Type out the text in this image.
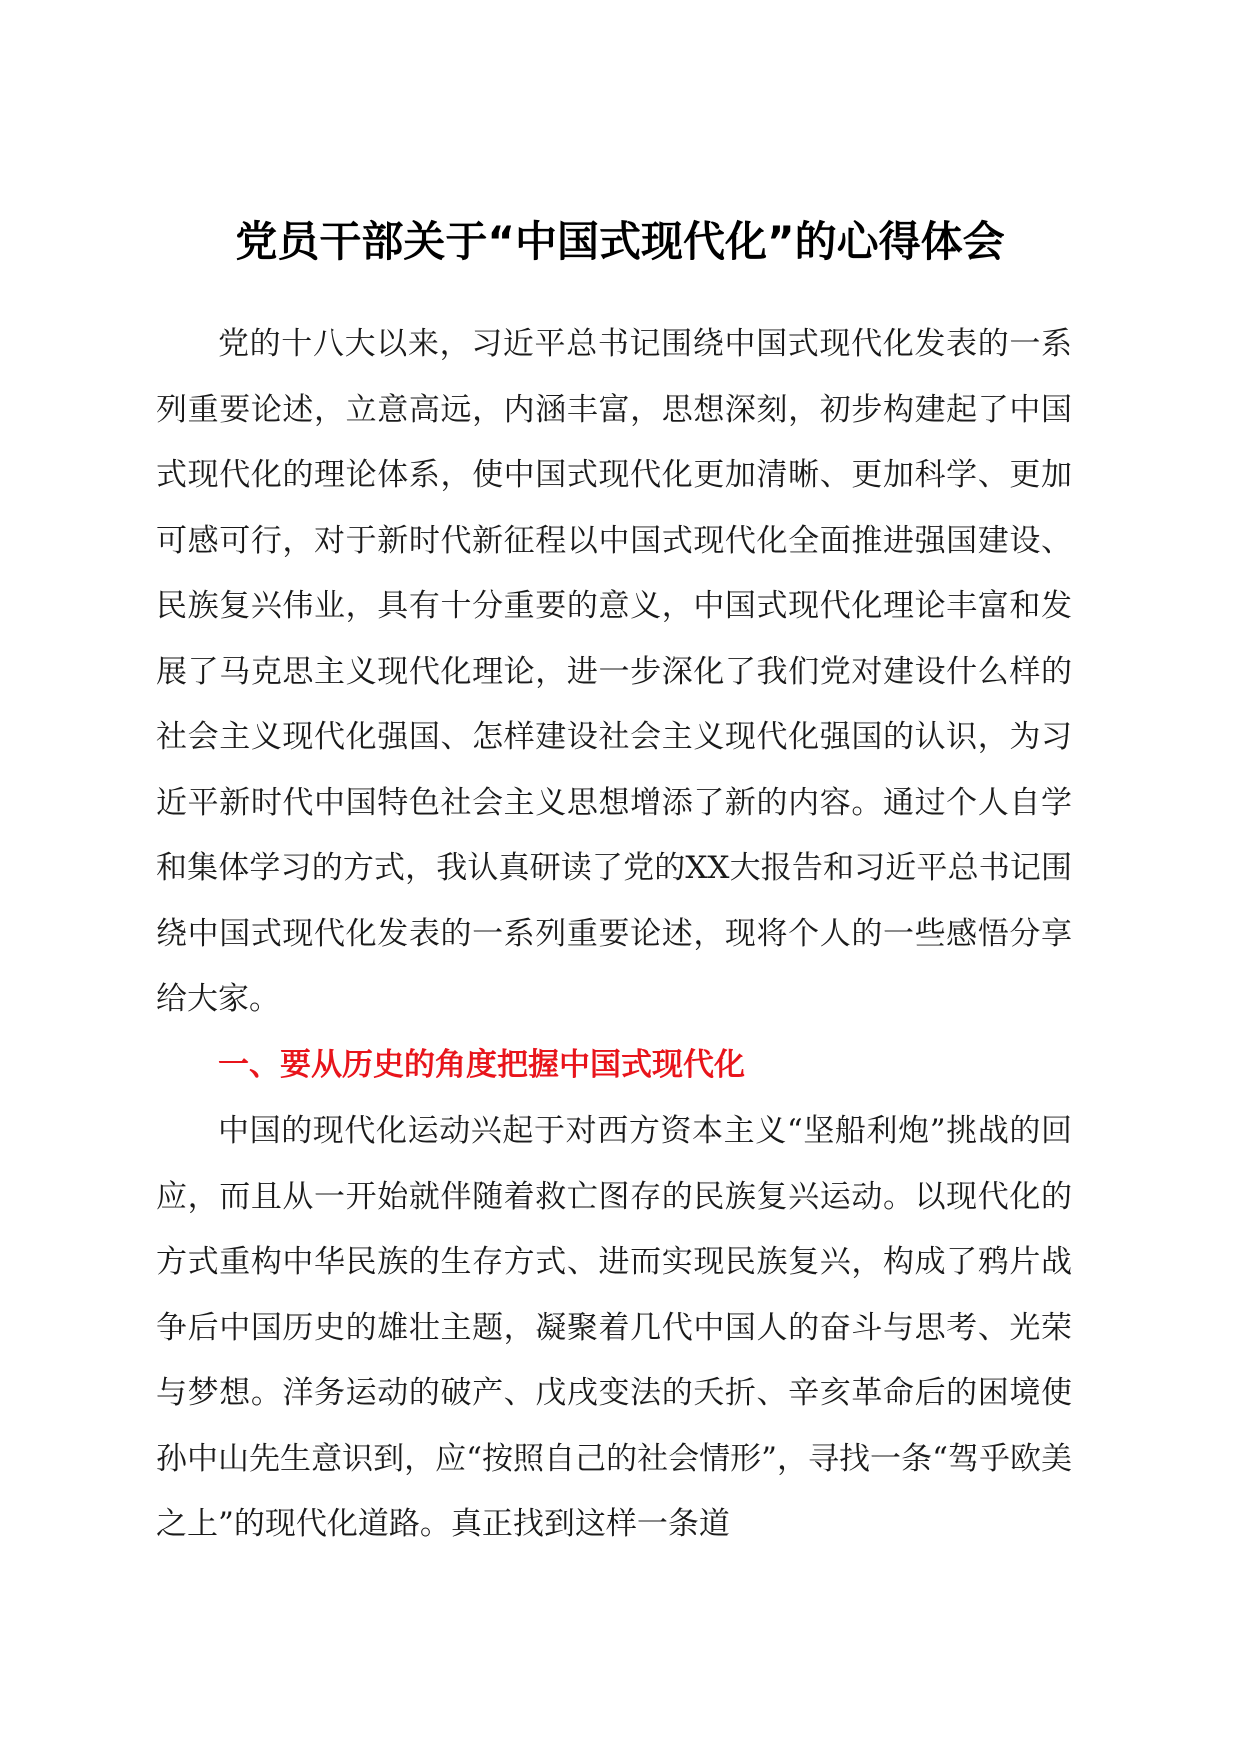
党员干部关于“中国式现代化”的心得体会

党的十八大以来，习近平总书记围绕中国式现代化发表的一系列重要论述，立意高远，内涵丰富，思想深刻，初步构建起了中国式现代化的理论体系，使中国式现代化更加清晰、更加科学、更加可感可行，对于新时代新征程以中国式现代化全面推进强国建设、民族复兴伟业，具有十分重要的意义，中国式现代化理论丰富和发展了马克思主义现代化理论，进一步深化了我们党对建设什么样的社会主义现代化强国、怎样建设社会主义现代化强国的认识，为习近平新时代中国特色社会主义思想增添了新的内容。通过个人自学和集体学习的方式，我认真研读了党的XX大报告和习近平总书记围绕中国式现代化发表的一系列重要论述，现将个人的一些感悟分享给大家。

一、要从历史的角度把握中国式现代化

中国的现代化运动兴起于对西方资本主义“坚船利炮”挑战的回应，而且从一开始就伴随着救亡图存的民族复兴运动。以现代化的方式重构中华民族的生存方式、进而实现民族复兴，构成了鸦片战争后中国历史的雄壮主题，凝聚着几代中国人的奋斗与思考、光荣与梦想。洋务运动的破产、戊戌变法的夭折、辛亥革命后的困境使孙中山先生意识到，应“按照自己的社会情形”，寻找一条“驾乎欧美之上”的现代化道路。真正找到这样一条道
